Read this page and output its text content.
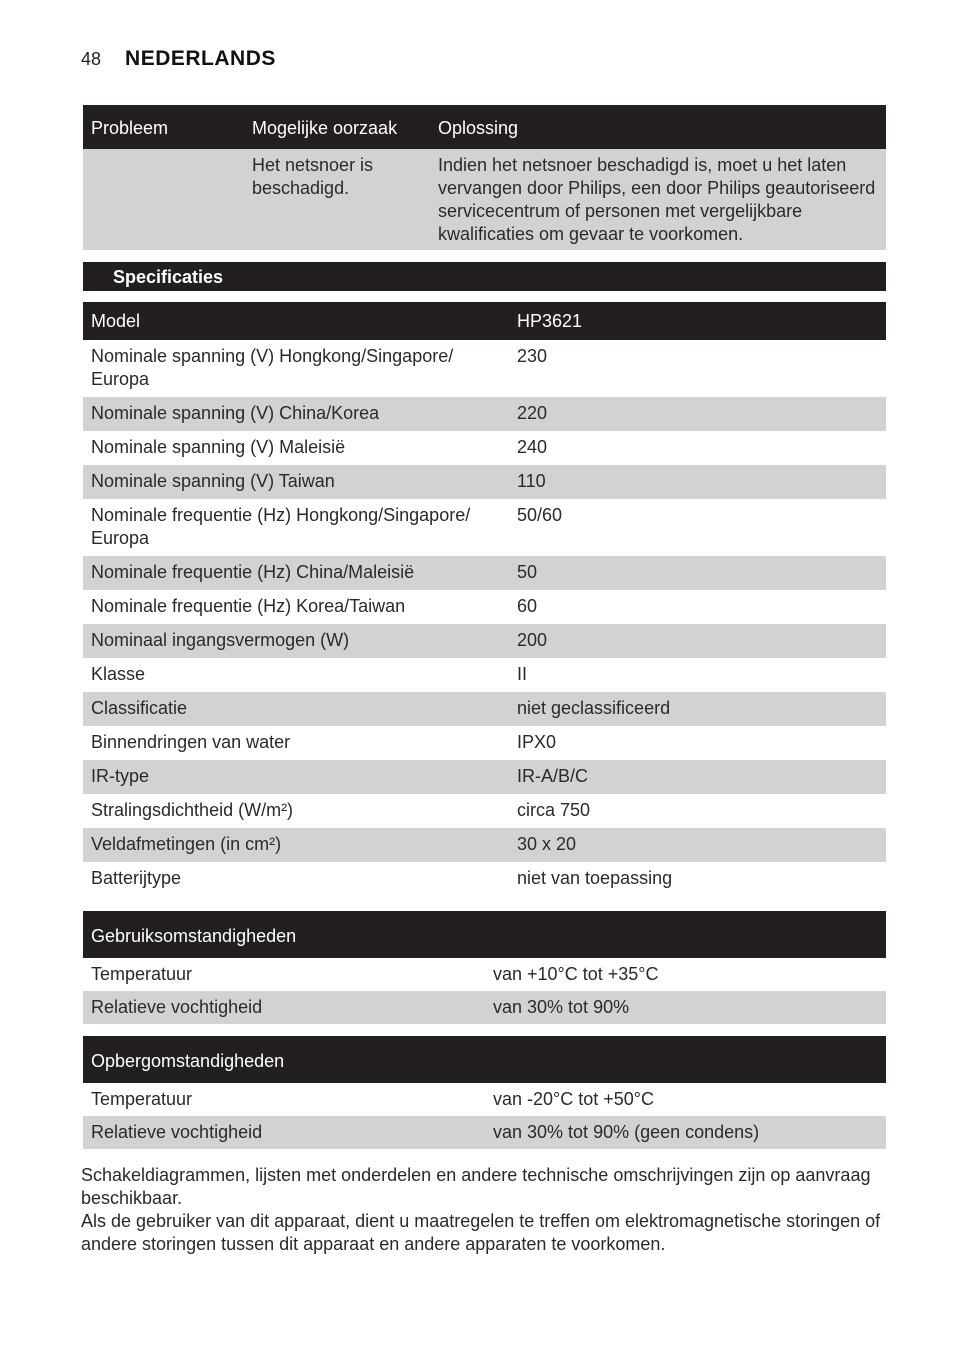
48 NEDERLANDS
Probleem	Mogelijke oorzaak	Oplossing
	Het netsnoer is beschadigd.	Indien het netsnoer beschadigd is, moet u het laten vervangen door Philips, een door Philips geautoriseerd servicecentrum of personen met vergelijkbare kwalificaties om gevaar te voorkomen.
Specificaties
Model	HP3621
Nominale spanning (V) Hongkong/Singapore/ Europa	230
Nominale spanning (V) China/Korea	220
Nominale spanning (V) Maleisië	240
Nominale spanning (V) Taiwan	110
Nominale frequentie (Hz) Hongkong/Singapore/ Europa	50/60
Nominale frequentie (Hz) China/Maleisië	50
Nominale frequentie (Hz) Korea/Taiwan	60
Nominaal ingangsvermogen (W)	200
Klasse	II
Classificatie	niet geclassificeerd
Binnendringen van water	IPX0
IR-type	IR-A/B/C
Stralingsdichtheid (W/m²)	circa 750
Veldafmetingen (in cm²)	30 x 20
Batterijtype	niet van toepassing
Gebruiksomstandigheden	
Temperatuur	van +10°C tot +35°C
Relatieve vochtigheid	van 30% tot 90%
Opbergomstandigheden	
Temperatuur	van -20°C tot +50°C
Relatieve vochtigheid	van 30% tot 90% (geen condens)

Schakeldiagrammen, lijsten met onderdelen en andere technische omschrijvingen zijn op aanvraag beschikbaar.

Als de gebruiker van dit apparaat, dient u maatregelen te treffen om elektromagnetische storingen of andere storingen tussen dit apparaat en andere apparaten te voorkomen.
